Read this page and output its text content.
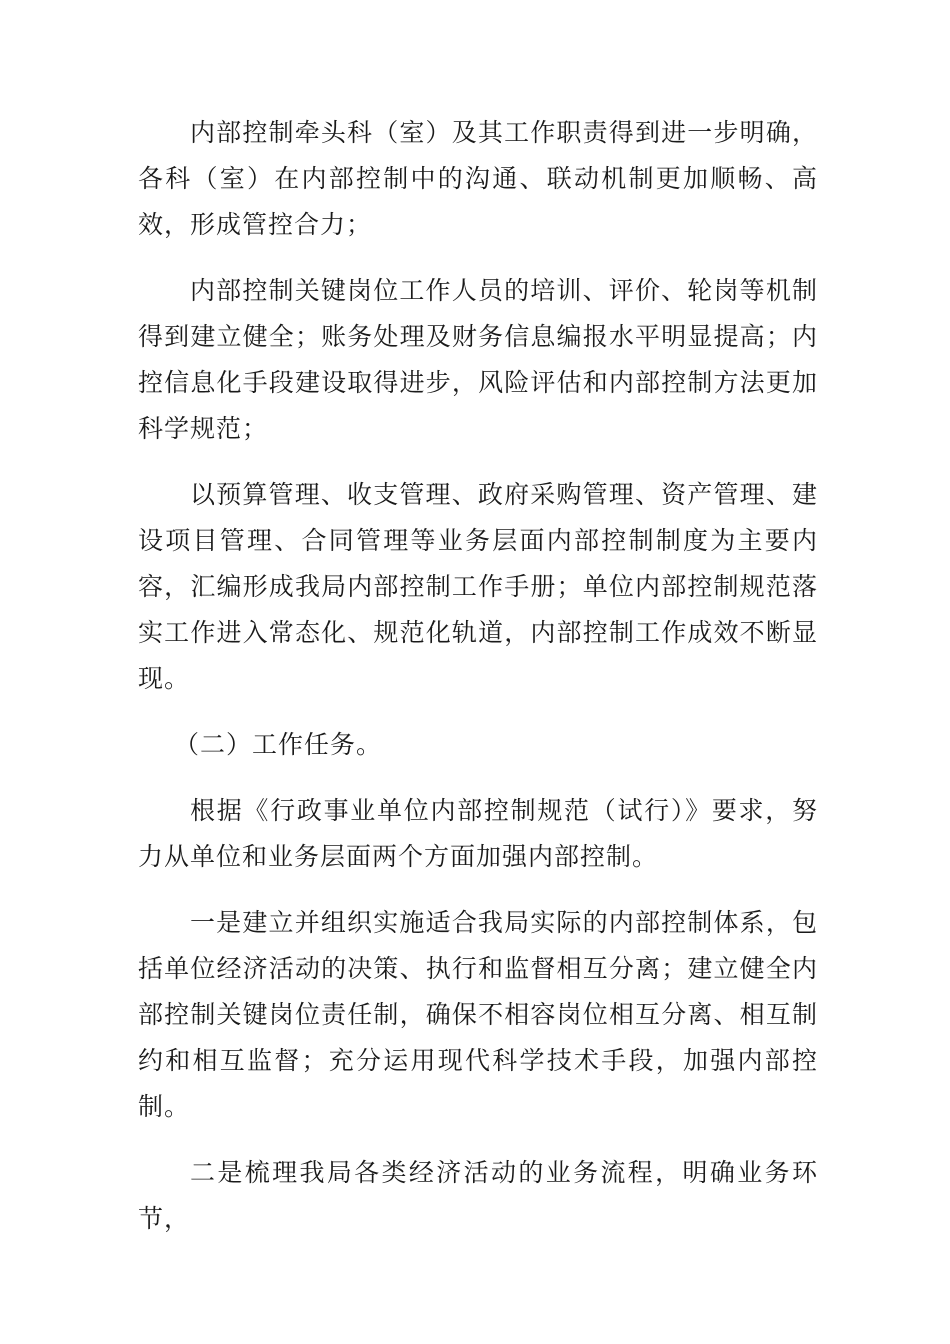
内部控制牵头科（室）及其工作职责得到进一步明确，各科（室）在内部控制中的沟通、联动机制更加顺畅、高效，形成管控合力；

内部控制关键岗位工作人员的培训、评价、轮岗等机制得到建立健全；账务处理及财务信息编报水平明显提高；内控信息化手段建设取得进步，风险评估和内部控制方法更加科学规范；

以预算管理、收支管理、政府采购管理、资产管理、建设项目管理、合同管理等业务层面内部控制制度为主要内容，汇编形成我局内部控制工作手册；单位内部控制规范落实工作进入常态化、规范化轨道，内部控制工作成效不断显现。

（二）工作任务。

根据《行政事业单位内部控制规范（试行）》要求，努力从单位和业务层面两个方面加强内部控制。

一是建立并组织实施适合我局实际的内部控制体系，包括单位经济活动的决策、执行和监督相互分离；建立健全内部控制关键岗位责任制，确保不相容岗位相互分离、相互制约和相互监督；充分运用现代科学技术手段，加强内部控制。

二是梳理我局各类经济活动的业务流程，明确业务环节，
